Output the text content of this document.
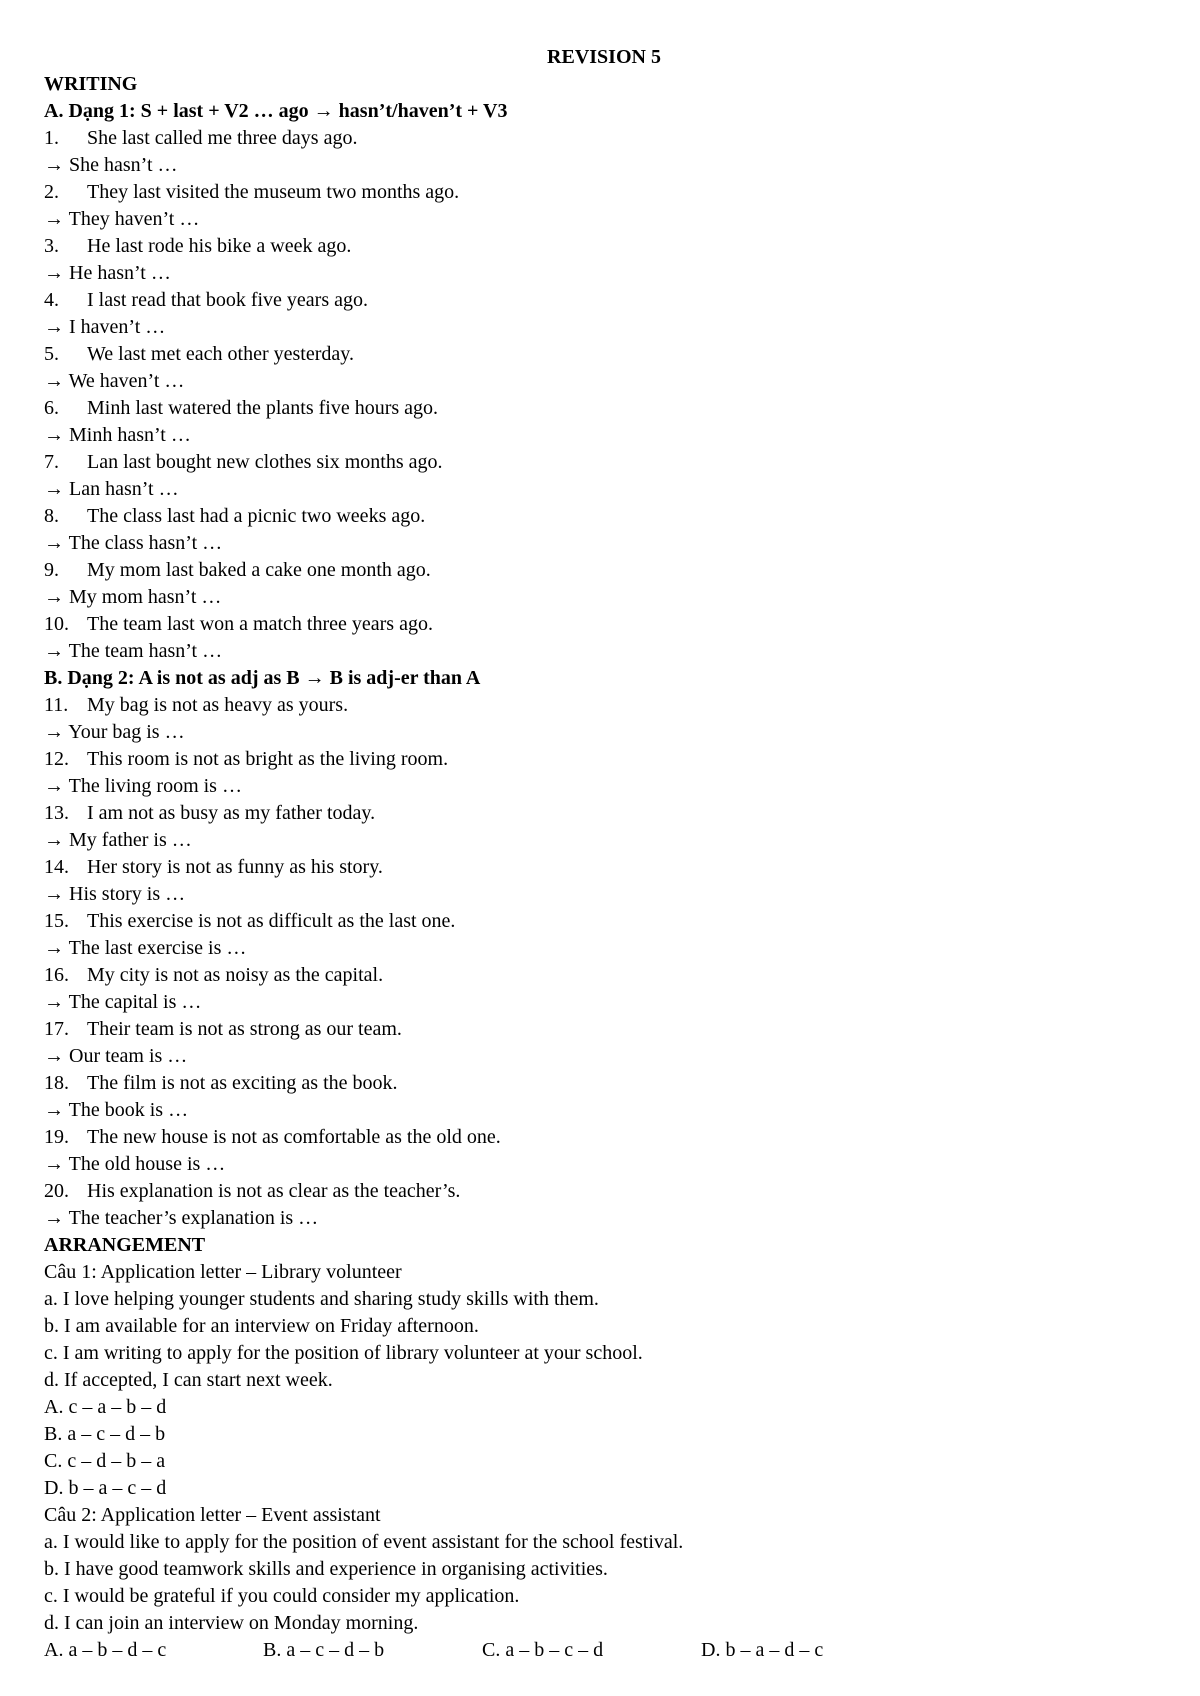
REVISION 5
WRITING
A. Dạng 1: S + last + V2 … ago → hasn’t/haven’t + V3
1.	She last called me three days ago.
→ She hasn’t …
2.	They last visited the museum two months ago.
→ They haven’t …
3.	He last rode his bike a week ago.
→ He hasn’t …
4.	I last read that book five years ago.
→ I haven’t …
5.	We last met each other yesterday.
→ We haven’t …
6.	Minh last watered the plants five hours ago.
→ Minh hasn’t …
7.	Lan last bought new clothes six months ago.
→ Lan hasn’t …
8.	The class last had a picnic two weeks ago.
→ The class hasn’t …
9.	My mom last baked a cake one month ago.
→ My mom hasn’t …
10. The team last won a match three years ago.
→ The team hasn’t …
B. Dạng 2: A is not as adj as B → B is adj-er than A
11. My bag is not as heavy as yours.
→ Your bag is …
12. This room is not as bright as the living room.
→ The living room is …
13. I am not as busy as my father today.
→ My father is …
14. Her story is not as funny as his story.
→ His story is …
15. This exercise is not as difficult as the last one.
→ The last exercise is …
16. My city is not as noisy as the capital.
→ The capital is …
17. Their team is not as strong as our team.
→ Our team is …
18. The film is not as exciting as the book.
→ The book is …
19. The new house is not as comfortable as the old one.
→ The old house is …
20. His explanation is not as clear as the teacher’s.
→ The teacher’s explanation is …
ARRANGEMENT
Câu 1: Application letter – Library volunteer
a. I love helping younger students and sharing study skills with them.
b. I am available for an interview on Friday afternoon.
c. I am writing to apply for the position of library volunteer at your school.
d. If accepted, I can start next week.
A. c – a – b – d
B. a – c – d – b
C. c – d – b – a
D. b – a – c – d
Câu 2: Application letter – Event assistant
a. I would like to apply for the position of event assistant for the school festival.
b. I have good teamwork skills and experience in organising activities.
c. I would be grateful if you could consider my application.
d. I can join an interview on Monday morning.
A. a – b – d – c	B. a – c – d – b	C. a – b – c – d	D. b – a – d – c
